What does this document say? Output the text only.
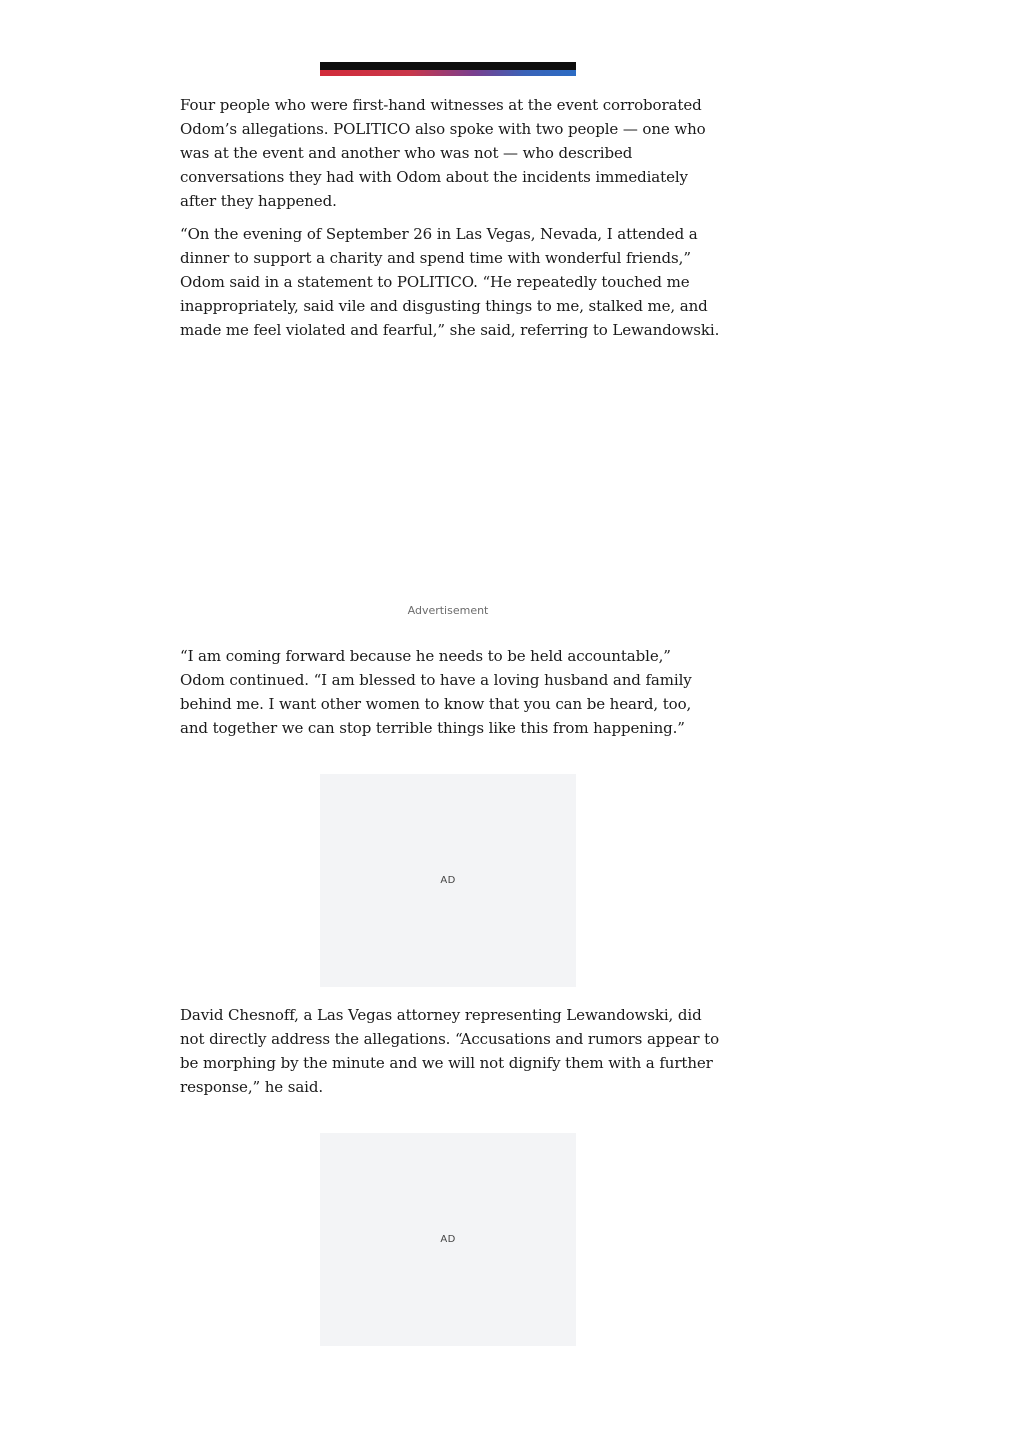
Four people who were first-hand witnesses at the event corroborated Odom’s allegations. POLITICO also spoke with two people — one who was at the event and another who was not — who described conversations they had with Odom about the incidents immediately after they happened.

“On the evening of September 26 in Las Vegas, Nevada, I attended a dinner to support a charity and spend time with wonderful friends,” Odom said in a statement to POLITICO. “He repeatedly touched me inappropriately, said vile and disgusting things to me, stalked me, and made me feel violated and fearful,” she said, referring to Lewandowski.

Advertisement

“I am coming forward because he needs to be held accountable,” Odom continued. “I am blessed to have a loving husband and family behind me. I want other women to know that you can be heard, too, and together we can stop terrible things like this from happening.”

AD

David Chesnoff, a Las Vegas attorney representing Lewandowski, did not directly address the allegations. “Accusations and rumors appear to be morphing by the minute and we will not dignify them with a further response,” he said.

AD
